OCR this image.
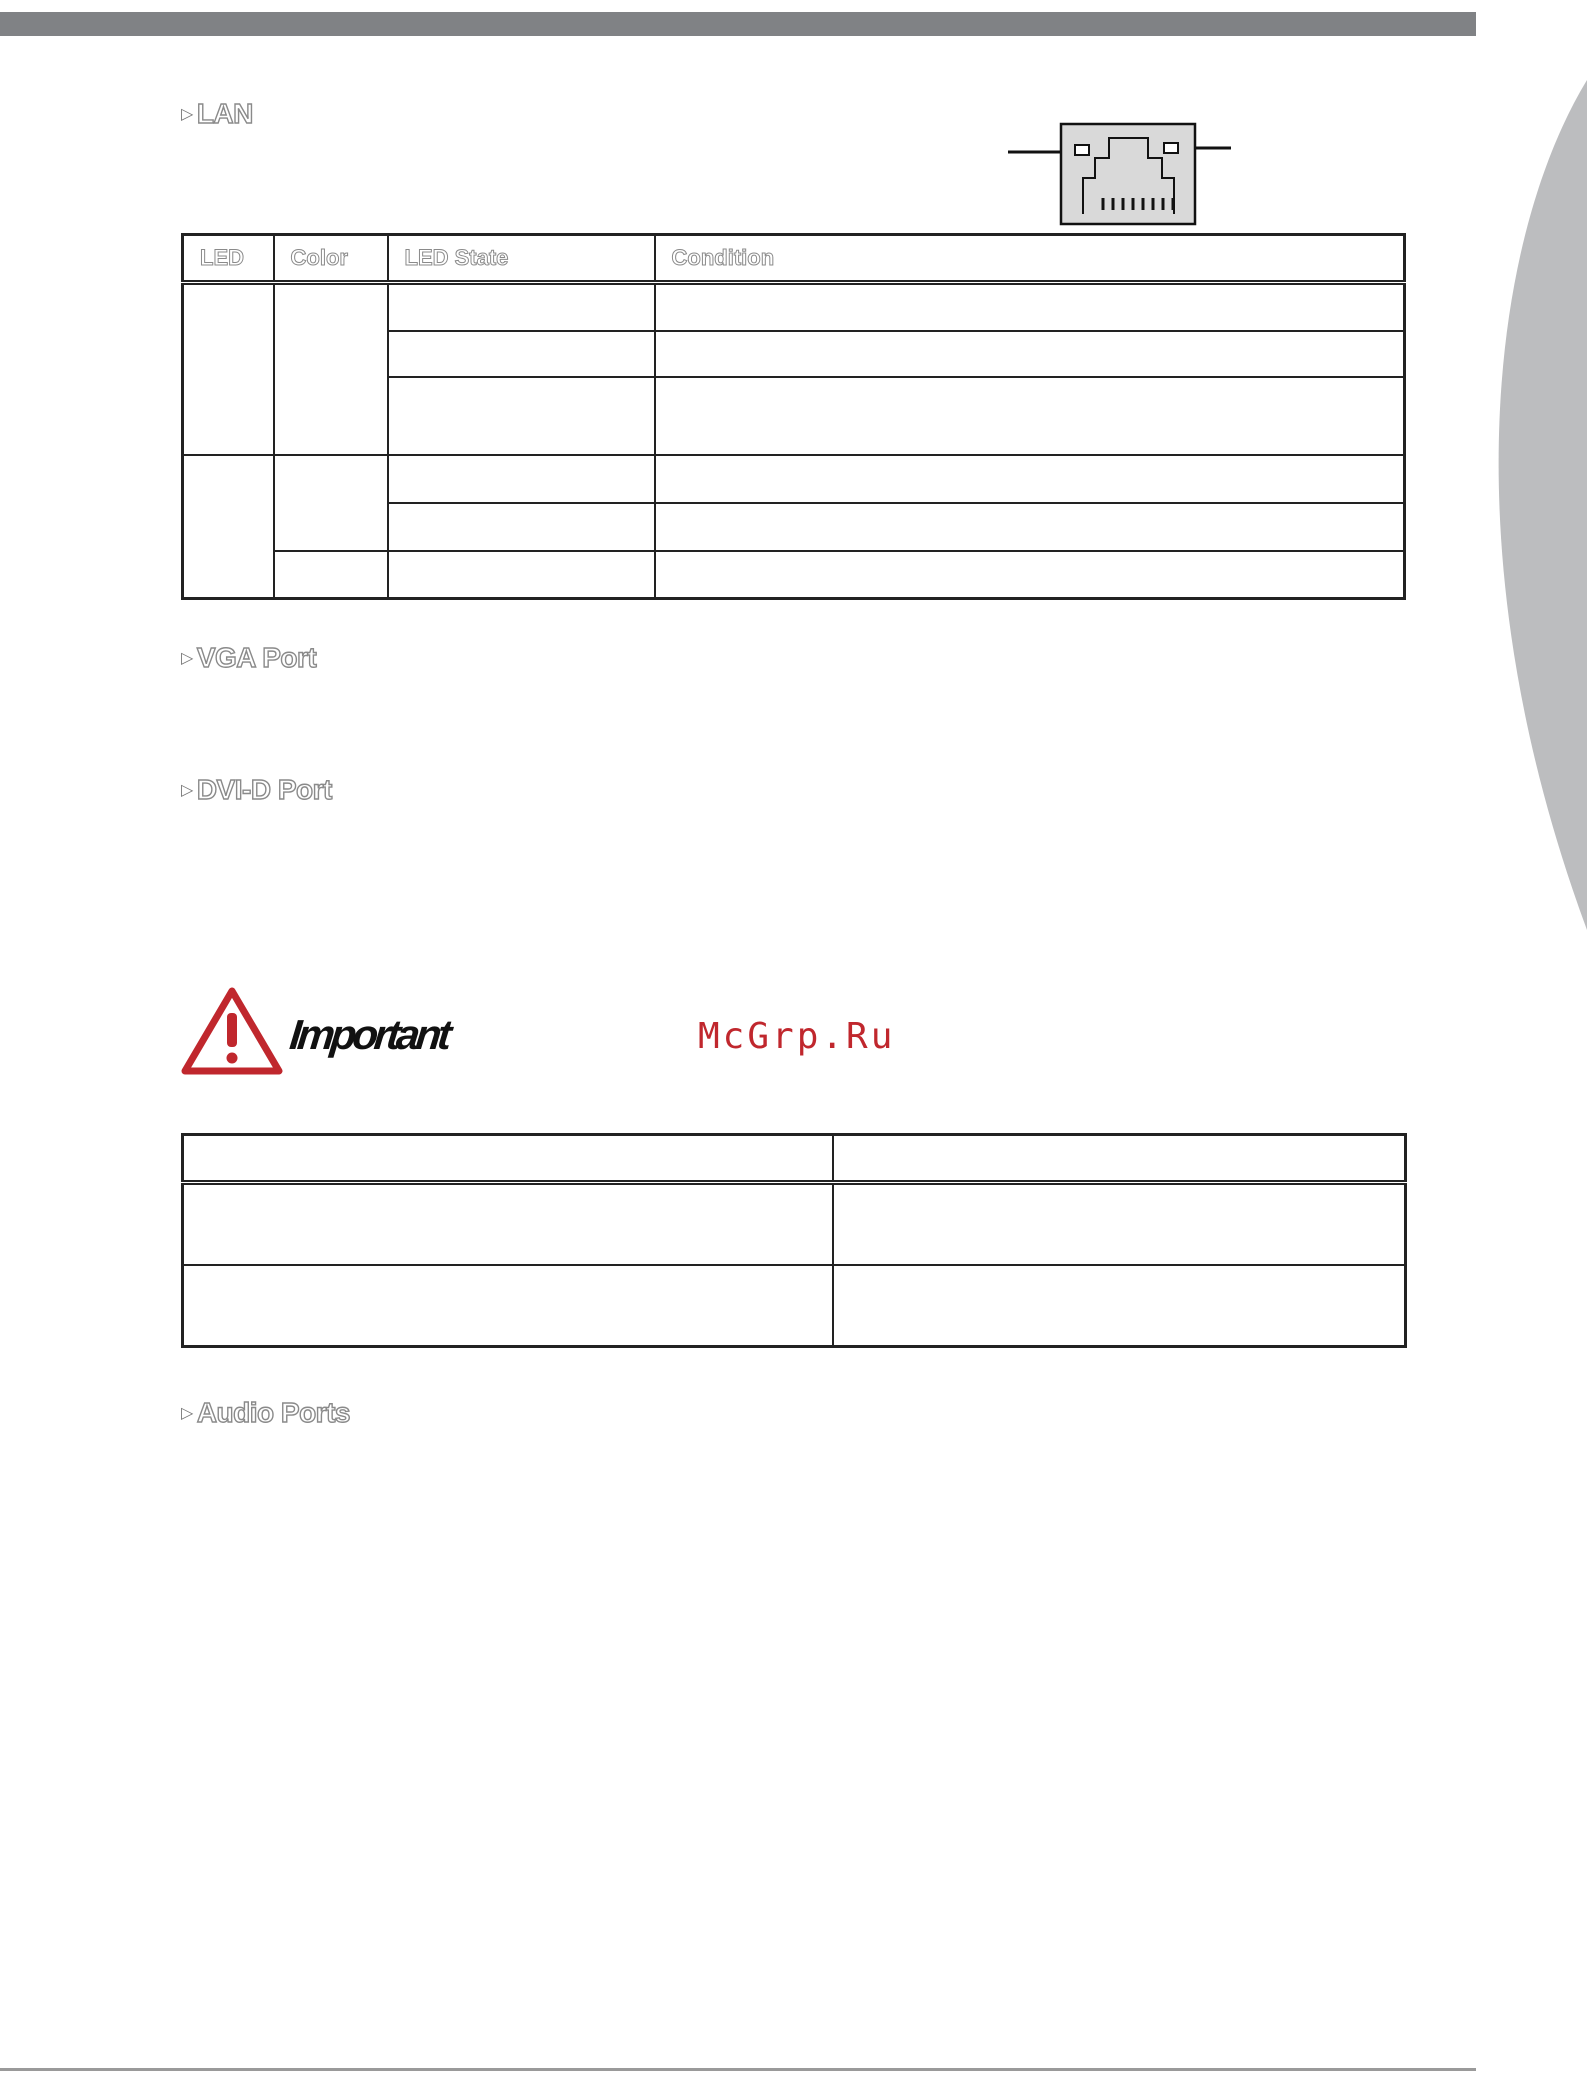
▷ LAN
LED	Color	LED State	Condition

▷ VGA Port
▷ DVI-D Port
Important	McGrp.Ru

▷ Audio Ports
